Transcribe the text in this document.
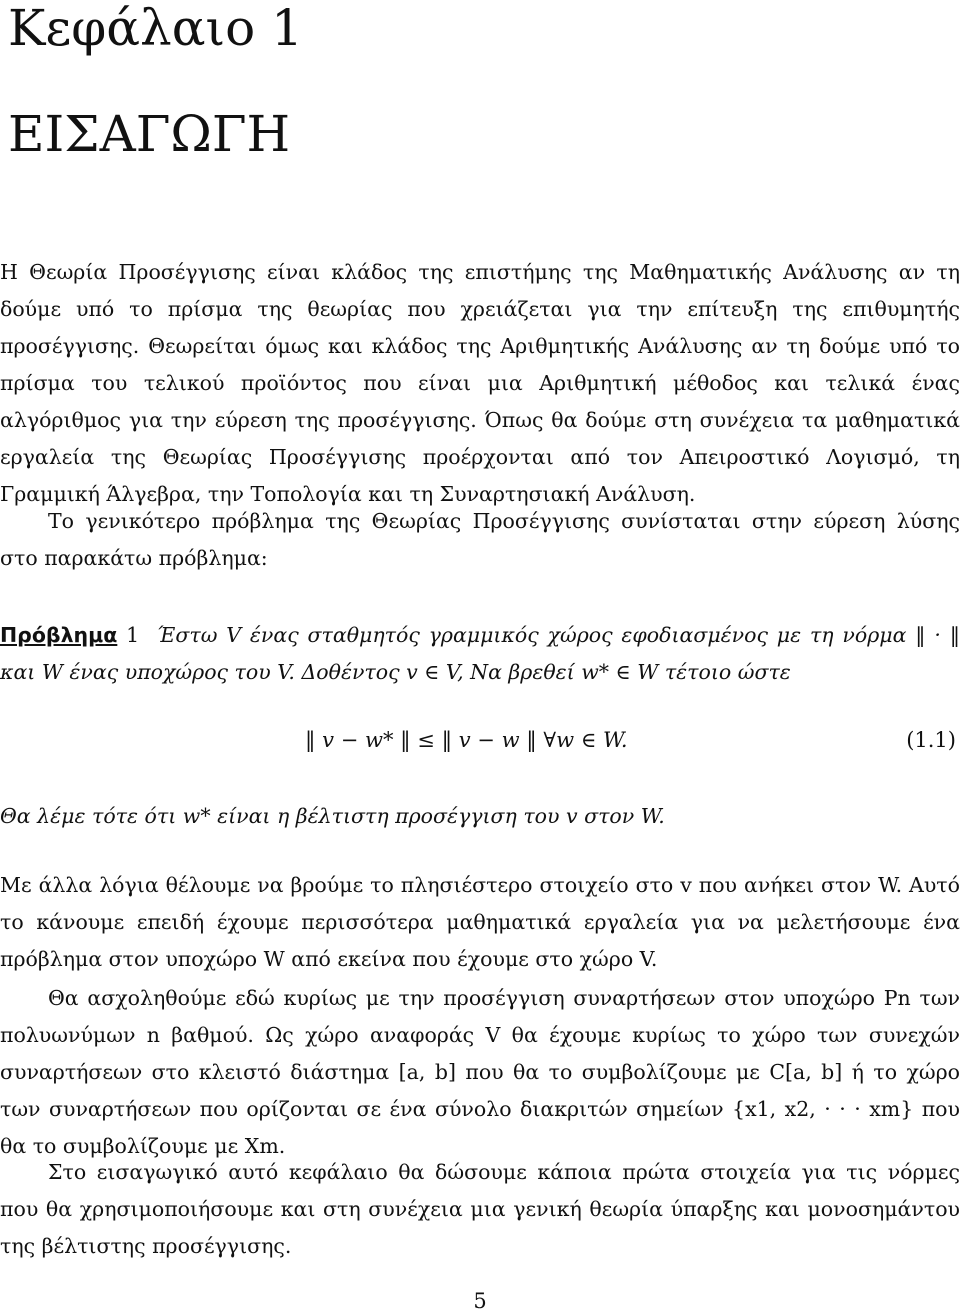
Κεφάλαιο 1
ΕΙΣΑΓΩΓΗ

Η Θεωρία Προσέγγισης είναι κλάδος της επιστήμης της Μαθηματικής Ανάλυσης αν τη δούμε υπό το πρίσμα της θεωρίας που χρειάζεται για την επίτευξη της επιθυμητής προσέγγισης. Θεωρείται όμως και κλάδος της Αριθμητικής Ανάλυσης αν τη δούμε υπό το πρίσμα του τελικού προϊόντος που είναι μια Αριθμητική μέθοδος και τελικά ένας αλγόριθμος για την εύρεση της προσέγγισης. Όπως θα δούμε στη συνέχεια τα μαθηματικά εργαλεία της Θεωρίας Προσέγγισης προέρχονται από τον Απειροστικό Λογισμό, τη Γραμμική Άλγεβρα, την Τοπολογία και τη Συναρτησιακή Ανάλυση.

Το γενικότερο πρόβλημα της Θεωρίας Προσέγγισης συνίσταται στην εύρεση λύσης στο παρακάτω πρόβλημα:

Πρόβλημα 1 Έστω V ένας σταθμητός γραμμικός χώρος εφοδιασμένος με τη νόρμα ‖ · ‖ και W ένας υποχώρος του V. Δοθέντος v ∈ V, Να βρεθεί w* ∈ W τέτοιο ώστε

‖ v − w* ‖ ≤ ‖ v − w ‖ ∀w ∈ W.	(1.1)

Θα λέμε τότε ότι w* είναι η βέλτιστη προσέγγιση του v στον W.

Με άλλα λόγια θέλουμε να βρούμε το πλησιέστερο στοιχείο στο v που ανήκει στον W. Αυτό το κάνουμε επειδή έχουμε περισσότερα μαθηματικά εργαλεία για να μελετήσουμε ένα πρόβλημα στον υποχώρο W από εκείνα που έχουμε στο χώρο V.

Θα ασχοληθούμε εδώ κυρίως με την προσέγγιση συναρτήσεων στον υποχώρο Pn των πολυωνύμων n βαθμού. Ως χώρο αναφοράς V θα έχουμε κυρίως το χώρο των συνεχών συναρτήσεων στο κλειστό διάστημα [a, b] που θα το συμβολίζουμε με C[a, b] ή το χώρο των συναρτήσεων που ορίζονται σε ένα σύνολο διακριτών σημείων {x1, x2, · · · xm} που θα το συμβολίζουμε με Xm.

Στο εισαγωγικό αυτό κεφάλαιο θα δώσουμε κάποια πρώτα στοιχεία για τις νόρμες που θα χρησιμοποιήσουμε και στη συνέχεια μια γενική θεωρία ύπαρξης και μονοσημάντου της βέλτιστης προσέγγισης.

5
